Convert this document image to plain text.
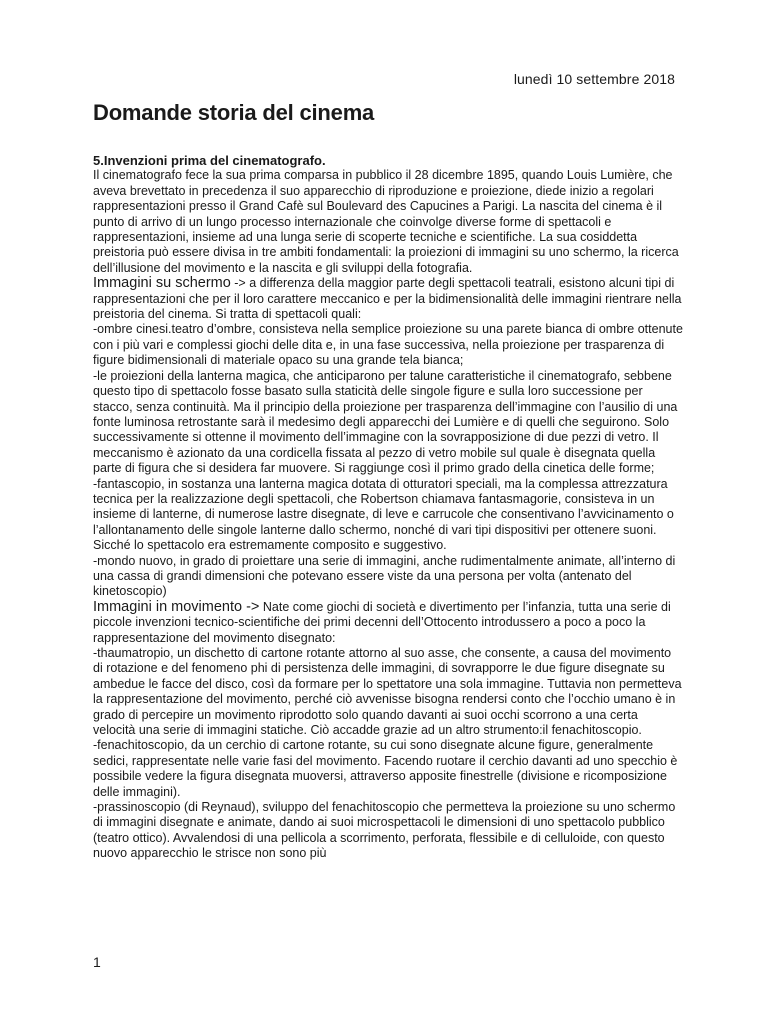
lunedì 10 settembre 2018
Domande storia del cinema

5.Invenzioni prima del cinematografo.

Il cinematografo fece la sua prima comparsa in pubblico il 28 dicembre 1895, quando Louis Lumière, che aveva brevettato in precedenza il suo apparecchio di riproduzione e proiezione, diede inizio a regolari rappresentazioni presso il Grand Cafè sul Boulevard des Capucines a Parigi. La nascita del cinema è il punto di arrivo di un lungo processo internazionale che coinvolge diverse forme di spettacoli e rappresentazioni, insieme ad una lunga serie di scoperte tecniche e scientifiche. La sua cosiddetta preistoria può essere divisa in tre ambiti fondamentali: la proiezioni di immagini su uno schermo, la ricerca dell’illusione del movimento e la nascita e gli sviluppi della fotografia.

Immagini su schermo -> a differenza della maggior parte degli spettacoli teatrali, esistono alcuni tipi di rappresentazioni che per il loro carattere meccanico e per la bidimensionalità delle immagini rientrare nella preistoria del cinema. Si tratta di spettacoli quali:

-ombre cinesi.teatro d’ombre, consisteva nella semplice proiezione su una parete bianca di ombre ottenute con i più vari e complessi giochi delle dita e, in una fase successiva, nella proiezione per trasparenza di figure bidimensionali di materiale opaco su una grande tela bianca;

-le proiezioni della lanterna magica, che anticiparono per talune caratteristiche il cinematografo, sebbene questo tipo di spettacolo fosse basato sulla staticità delle singole figure e sulla loro successione per stacco, senza continuità. Ma il principio della proiezione per trasparenza dell’immagine con l’ausilio di una fonte luminosa retrostante sarà il medesimo degli apparecchi dei Lumière e di quelli che seguirono. Solo successivamente si ottenne il movimento dell’immagine con la sovrapposizione di due pezzi di vetro. Il meccanismo è azionato da una cordicella fissata al pezzo di vetro mobile sul quale è disegnata quella parte di figura che si desidera far muovere. Si raggiunge così il primo grado della cinetica delle forme;

-fantascopio, in sostanza una lanterna magica dotata di otturatori speciali, ma la complessa attrezzatura tecnica per la realizzazione degli spettacoli, che Robertson chiamava fantasmagorie, consisteva in un insieme di lanterne, di numerose lastre disegnate, di leve e carrucole che consentivano l’avvicinamento o l’allontanamento delle singole lanterne dallo schermo, nonché di vari tipi dispositivi per ottenere suoni. Sicché lo spettacolo era estremamente composito e suggestivo.

-mondo nuovo, in grado di proiettare una serie di immagini, anche rudimentalmente animate, all’interno di una cassa di grandi dimensioni che potevano essere viste da una persona per volta (antenato del kinetoscopio)

Immagini in movimento -> Nate come giochi di società e divertimento per l’infanzia, tutta una serie di piccole invenzioni tecnico-scientifiche dei primi decenni dell’Ottocento introdussero a poco a poco la rappresentazione del movimento disegnato:

-thaumatropio, un dischetto di cartone rotante attorno al suo asse, che consente, a causa del movimento di rotazione e del fenomeno phi di persistenza delle immagini, di sovrapporre le due figure disegnate su ambedue le facce del disco, così da formare per lo spettatore una sola immagine. Tuttavia non permetteva la rappresentazione del movimento, perché ciò avvenisse bisogna rendersi conto che l’occhio umano è in grado di percepire un movimento riprodotto solo quando davanti ai suoi occhi scorrono a una certa velocità una serie di immagini statiche. Ciò accadde grazie ad un altro strumento:il fenachitoscopio.

-fenachitoscopio, da un cerchio di cartone rotante, su cui sono disegnate alcune figure, generalmente sedici, rappresentate nelle varie fasi del movimento. Facendo ruotare il cerchio davanti ad uno specchio è possibile vedere la figura disegnata muoversi, attraverso apposite finestrelle (divisione e ricomposizione delle immagini).

-prassinoscopio (di Reynaud), sviluppo del fenachitoscopio che permetteva la proiezione su uno schermo di immagini disegnate e animate, dando ai suoi microspettacoli le dimensioni di uno spettacolo pubblico (teatro ottico). Avvalendosi di una pellicola a scorrimento, perforata, flessibile e di celluloide, con questo nuovo apparecchio le strisce non sono più

1
